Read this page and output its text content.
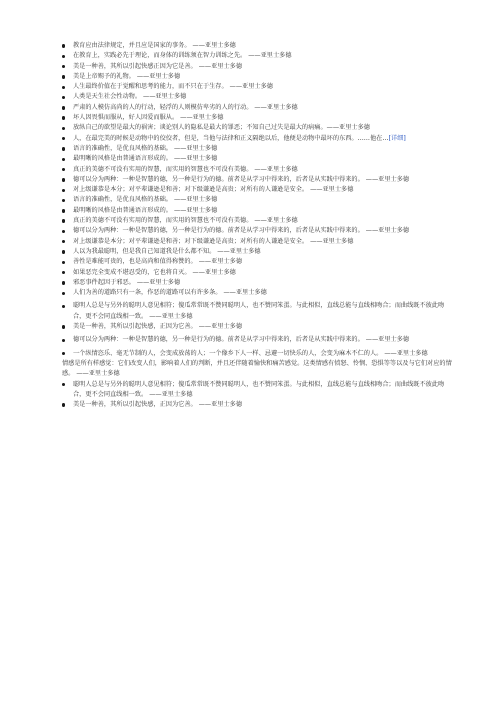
教育应由法律规定，并且应是国家的事务。 ——亚里士多德

在教育上，实践必先于理论，而身体的训练须在智力训练之先。 ——亚里士多德

美是一种善，其所以引起快感正因为它是善。 ——亚里士多德

美是上帝赐予的礼物。 ——亚里士多德

人生最终价值在于觉醒和思考的能力，而不只在于生存。 ——亚里士多德

人类是天生社会性动物。 ——亚里士多德

严肃的人模仿高尚的人的行动，轻浮的人则模仿卑劣的人的行动。 ——亚里士多德

坏人因畏惧而服从，好人因爱而服从。 ——亚里士多德

放纵自己的欲望是最大的祸害；谈论别人的隐私是最大的罪恶；不知自己过失是最大的病痛。——亚里士多德

人，在最完美的时候是动物中的佼佼者，但是，当他与法律和正义隔绝以后，他便是动物中最坏的东西。……他在…[详细]

语言的准确性，是优良风格的基础。 ——亚里士多德

最明晰的风格是由普通语言形成的。 ——亚里士多德

真正的美德不可没有实用的智慧，而实用的智慧也不可没有美德。 ——亚里士多德

德可以分为两种：一种是智慧的德，另一种是行为的德。前者是从学习中得来的，后者是从实践中得来的。 ——亚里士多德

对上级谦恭是本分；对平辈谦逊是和善；对下级谦逊是高贵；对所有的人谦逊是安全。 ——亚里士多德

语言的准确性，是优良风格的基础。 ——亚里士多德

最明晰的风格是由普通语言形成的。 ——亚里士多德

真正的美德不可没有实用的智慧，而实用的智慧也不可没有美德。 ——亚里士多德

德可以分为两种：一种是智慧的德，另一种是行为的德。前者是从学习中得来的，后者是从实践中得来的。 ——亚里士多德

对上级谦恭是本分；对平辈谦逊是和善；对下级谦逊是高贵；对所有的人谦逊是安全。 ——亚里士多德

人以为我最聪明，但是我自己知道我是什么都不知。 ——亚里士多德

善性是难能可贵的，也是高尚和值得称赞的。 ——亚里士多德

如果恶完全变成不堪忍受的，它也将自灭。 ——亚里士多德

邪恶事件起因于邪恶。 ——亚里士多德

人们为善的道路只有一条，作恶的道路可以有许多条。 ——亚里士多德

聪明人总是与另外的聪明人意见相符；傻瓜常常既不赞同聪明人，也不赞同笨蛋。与此相似，直线总能与直线相吻合；而曲线既不彼此吻合，更不会同直线相一致。 ——亚里士多德

美是一种善，其所以引起快感，正因为它善。 ——亚里士多德

德可以分为两种：一种是智慧的德，另一种是行为的德。前者是从学习中得来的，后者是从实践中得来的。 ——亚里士多德

一个纵情恣乐、毫无节制的人，会变成放荡的人；一个像乡下人一样、忌避一切快乐的人，会变为麻木不仁的人。 ——亚里士多德

情感是所有样感觉：它们改变人们，影响着人们的判断，并且还伴随着愉快和痛苦感觉。这类情感有愤怒、怜悯、恐惧等等以及与它们对应的情感。 ——亚里士多德

聪明人总是与另外的聪明人意见相符；傻瓜常常既不赞同聪明人，也不赞同笨蛋。与此相似，直线总能与直线相吻合；而曲线既不彼此吻合，更不会同直线相一致。 ——亚里士多德

美是一种善，其所以引起快感，正因为它善。 ——亚里士多德
